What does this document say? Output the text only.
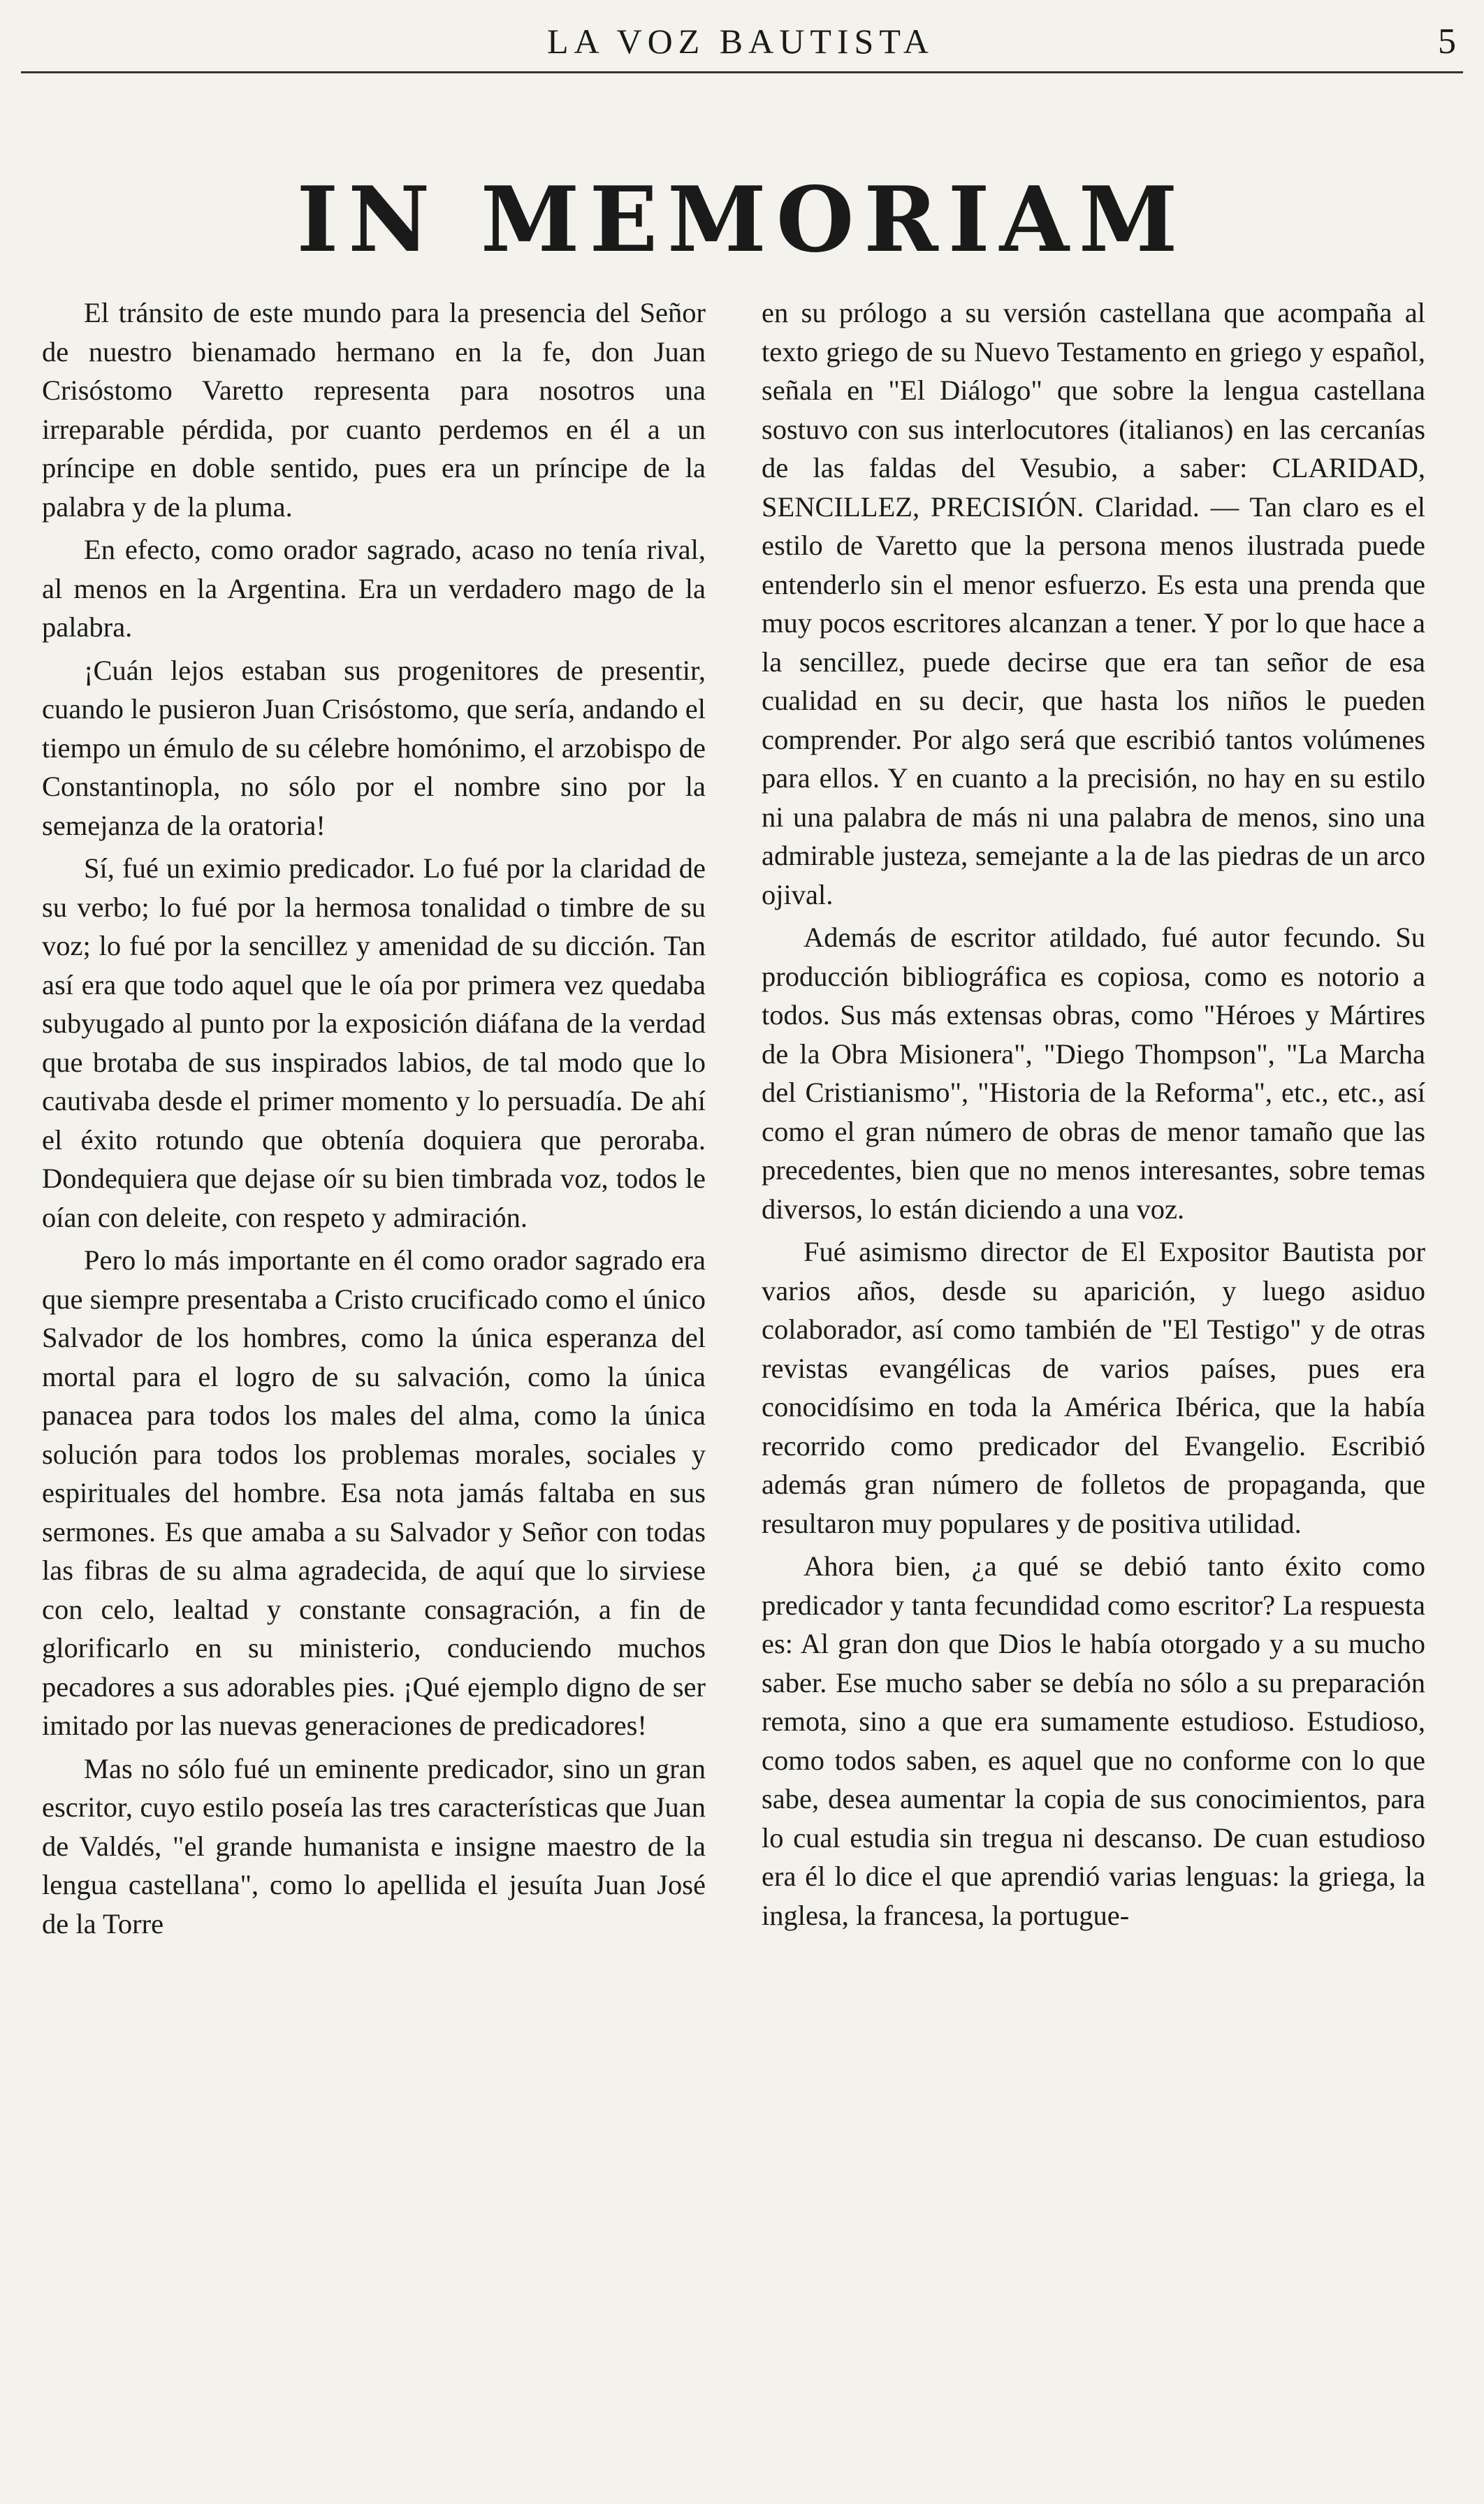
LA VOZ BAUTISTA	5
IN MEMORIAM

El tránsito de este mundo para la presencia del Señor de nuestro bienamado hermano en la fe, don Juan Crisóstomo Varetto representa para nosotros una irreparable pérdida, por cuanto perdemos en él a un príncipe en doble sentido, pues era un príncipe de la palabra y de la pluma.

En efecto, como orador sagrado, acaso no tenía rival, al menos en la Argentina. Era un verdadero mago de la palabra.

¡Cuán lejos estaban sus progenitores de presentir, cuando le pusieron Juan Crisóstomo, que sería, andando el tiempo un émulo de su célebre homónimo, el arzobispo de Constantinopla, no sólo por el nombre sino por la semejanza de la oratoria!

Sí, fué un eximio predicador. Lo fué por la claridad de su verbo; lo fué por la hermosa tonalidad o timbre de su voz; lo fué por la sencillez y amenidad de su dicción. Tan así era que todo aquel que le oía por primera vez quedaba subyugado al punto por la exposición diáfana de la verdad que brotaba de sus inspirados labios, de tal modo que lo cautivaba desde el primer momento y lo persuadía. De ahí el éxito rotundo que obtenía doquiera que peroraba. Dondequiera que dejase oír su bien timbrada voz, todos le oían con deleite, con respeto y admiración.

Pero lo más importante en él como orador sagrado era que siempre presentaba a Cristo crucificado como el único Salvador de los hombres, como la única esperanza del mortal para el logro de su salvación, como la única panacea para todos los males del alma, como la única solución para todos los problemas morales, sociales y espirituales del hombre. Esa nota jamás faltaba en sus sermones. Es que amaba a su Salvador y Señor con todas las fibras de su alma agradecida, de aquí que lo sirviese con celo, lealtad y constante consagración, a fin de glorificarlo en su ministerio, conduciendo muchos pecadores a sus adorables pies. ¡Qué ejemplo digno de ser imitado por las nuevas generaciones de predicadores!

Mas no sólo fué un eminente predicador, sino un gran escritor, cuyo estilo poseía las tres características que Juan de Valdés, "el grande humanista e insigne maestro de la lengua castellana", como lo apellida el jesuíta Juan José de la Torre

en su prólogo a su versión castellana que acompaña al texto griego de su Nuevo Testamento en griego y español, señala en "El Diálogo" que sobre la lengua castellana sostuvo con sus interlocutores (italianos) en las cercanías de las faldas del Vesubio, a saber: CLARIDAD, SENCILLEZ, PRECISIÓN. Claridad. — Tan claro es el estilo de Varetto que la persona menos ilustrada puede entenderlo sin el menor esfuerzo. Es esta una prenda que muy pocos escritores alcanzan a tener. Y por lo que hace a la sencillez, puede decirse que era tan señor de esa cualidad en su decir, que hasta los niños le pueden comprender. Por algo será que escribió tantos volúmenes para ellos. Y en cuanto a la precisión, no hay en su estilo ni una palabra de más ni una palabra de menos, sino una admirable justeza, semejante a la de las piedras de un arco ojival.

Además de escritor atildado, fué autor fecundo. Su producción bibliográfica es copiosa, como es notorio a todos. Sus más extensas obras, como "Héroes y Mártires de la Obra Misionera", "Diego Thompson", "La Marcha del Cristianismo", "Historia de la Reforma", etc., etc., así como el gran número de obras de menor tamaño que las precedentes, bien que no menos interesantes, sobre temas diversos, lo están diciendo a una voz.

Fué asimismo director de El Expositor Bautista por varios años, desde su aparición, y luego asiduo colaborador, así como también de "El Testigo" y de otras revistas evangélicas de varios países, pues era conocidísimo en toda la América Ibérica, que la había recorrido como predicador del Evangelio. Escribió además gran número de folletos de propaganda, que resultaron muy populares y de positiva utilidad.

Ahora bien, ¿a qué se debió tanto éxito como predicador y tanta fecundidad como escritor? La respuesta es: Al gran don que Dios le había otorgado y a su mucho saber. Ese mucho saber se debía no sólo a su preparación remota, sino a que era sumamente estudioso. Estudioso, como todos saben, es aquel que no conforme con lo que sabe, desea aumentar la copia de sus conocimientos, para lo cual estudia sin tregua ni descanso. De cuan estudioso era él lo dice el que aprendió varias lenguas: la griega, la inglesa, la francesa, la portugue-
